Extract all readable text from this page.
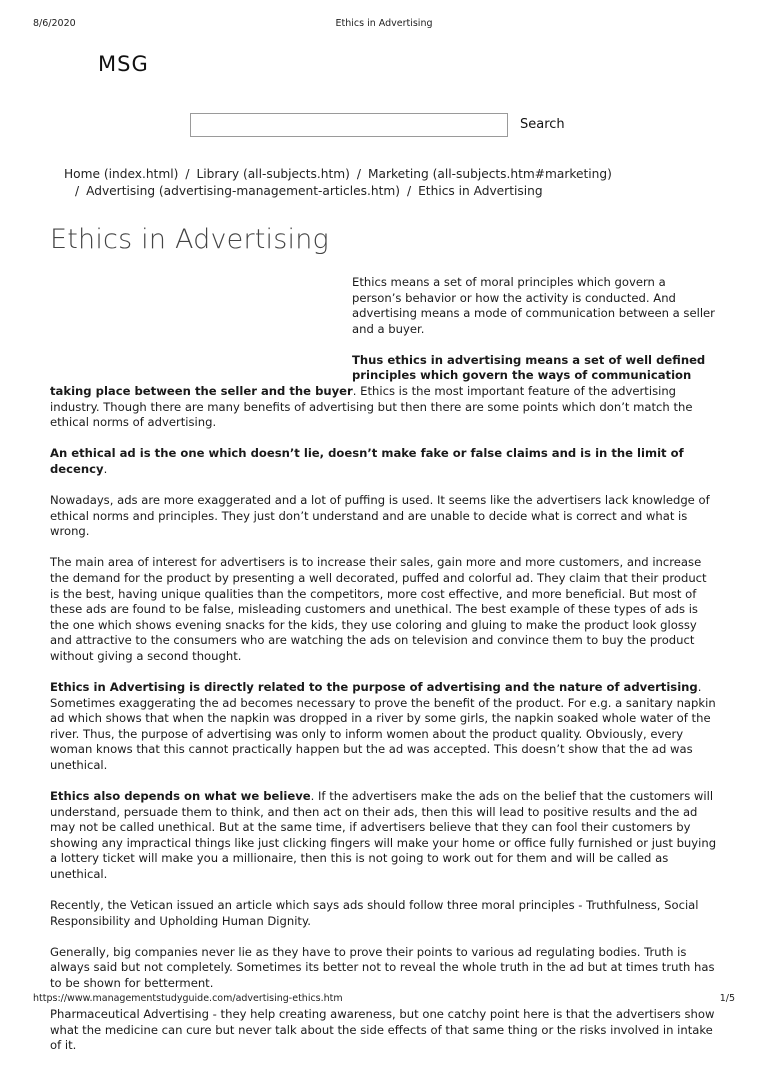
8/6/2020	Ethics in Advertising
MSG
Search
Home (index.html) / Library (all-subjects.htm) / Marketing (all-subjects.htm#marketing)
/ Advertising (advertising-management-articles.htm) / Ethics in Advertising
Ethics in Advertising

Ethics means a set of moral principles which govern a person’s behavior or how the activity is conducted. And advertising means a mode of communication between a seller and a buyer.

Thus ethics in advertising means a set of well defined principles which govern the ways of communication taking place between the seller and the buyer. Ethics is the most important feature of the advertising industry. Though there are many benefits of advertising but then there are some points which don’t match the ethical norms of advertising.

An ethical ad is the one which doesn’t lie, doesn’t make fake or false claims and is in the limit of decency.

Nowadays, ads are more exaggerated and a lot of puffing is used. It seems like the advertisers lack knowledge of ethical norms and principles. They just don’t understand and are unable to decide what is correct and what is wrong.

The main area of interest for advertisers is to increase their sales, gain more and more customers, and increase the demand for the product by presenting a well decorated, puffed and colorful ad. They claim that their product is the best, having unique qualities than the competitors, more cost effective, and more beneficial. But most of these ads are found to be false, misleading customers and unethical. The best example of these types of ads is the one which shows evening snacks for the kids, they use coloring and gluing to make the product look glossy and attractive to the consumers who are watching the ads on television and convince them to buy the product without giving a second thought.

Ethics in Advertising is directly related to the purpose of advertising and the nature of advertising. Sometimes exaggerating the ad becomes necessary to prove the benefit of the product. For e.g. a sanitary napkin ad which shows that when the napkin was dropped in a river by some girls, the napkin soaked whole water of the river. Thus, the purpose of advertising was only to inform women about the product quality. Obviously, every woman knows that this cannot practically happen but the ad was accepted. This doesn’t show that the ad was unethical.

Ethics also depends on what we believe. If the advertisers make the ads on the belief that the customers will understand, persuade them to think, and then act on their ads, then this will lead to positive results and the ad may not be called unethical. But at the same time, if advertisers believe that they can fool their customers by showing any impractical things like just clicking fingers will make your home or office fully furnished or just buying a lottery ticket will make you a millionaire, then this is not going to work out for them and will be called as unethical.

Recently, the Vetican issued an article which says ads should follow three moral principles - Truthfulness, Social Responsibility and Upholding Human Dignity.

Generally, big companies never lie as they have to prove their points to various ad regulating bodies. Truth is always said but not completely. Sometimes its better not to reveal the whole truth in the ad but at times truth has to be shown for betterment.

Pharmaceutical Advertising - they help creating awareness, but one catchy point here is that the advertisers show what the medicine can cure but never talk about the side effects of that same thing or the risks involved in intake of it.

https://www.managementstudyguide.com/advertising-ethics.htm	1/5
